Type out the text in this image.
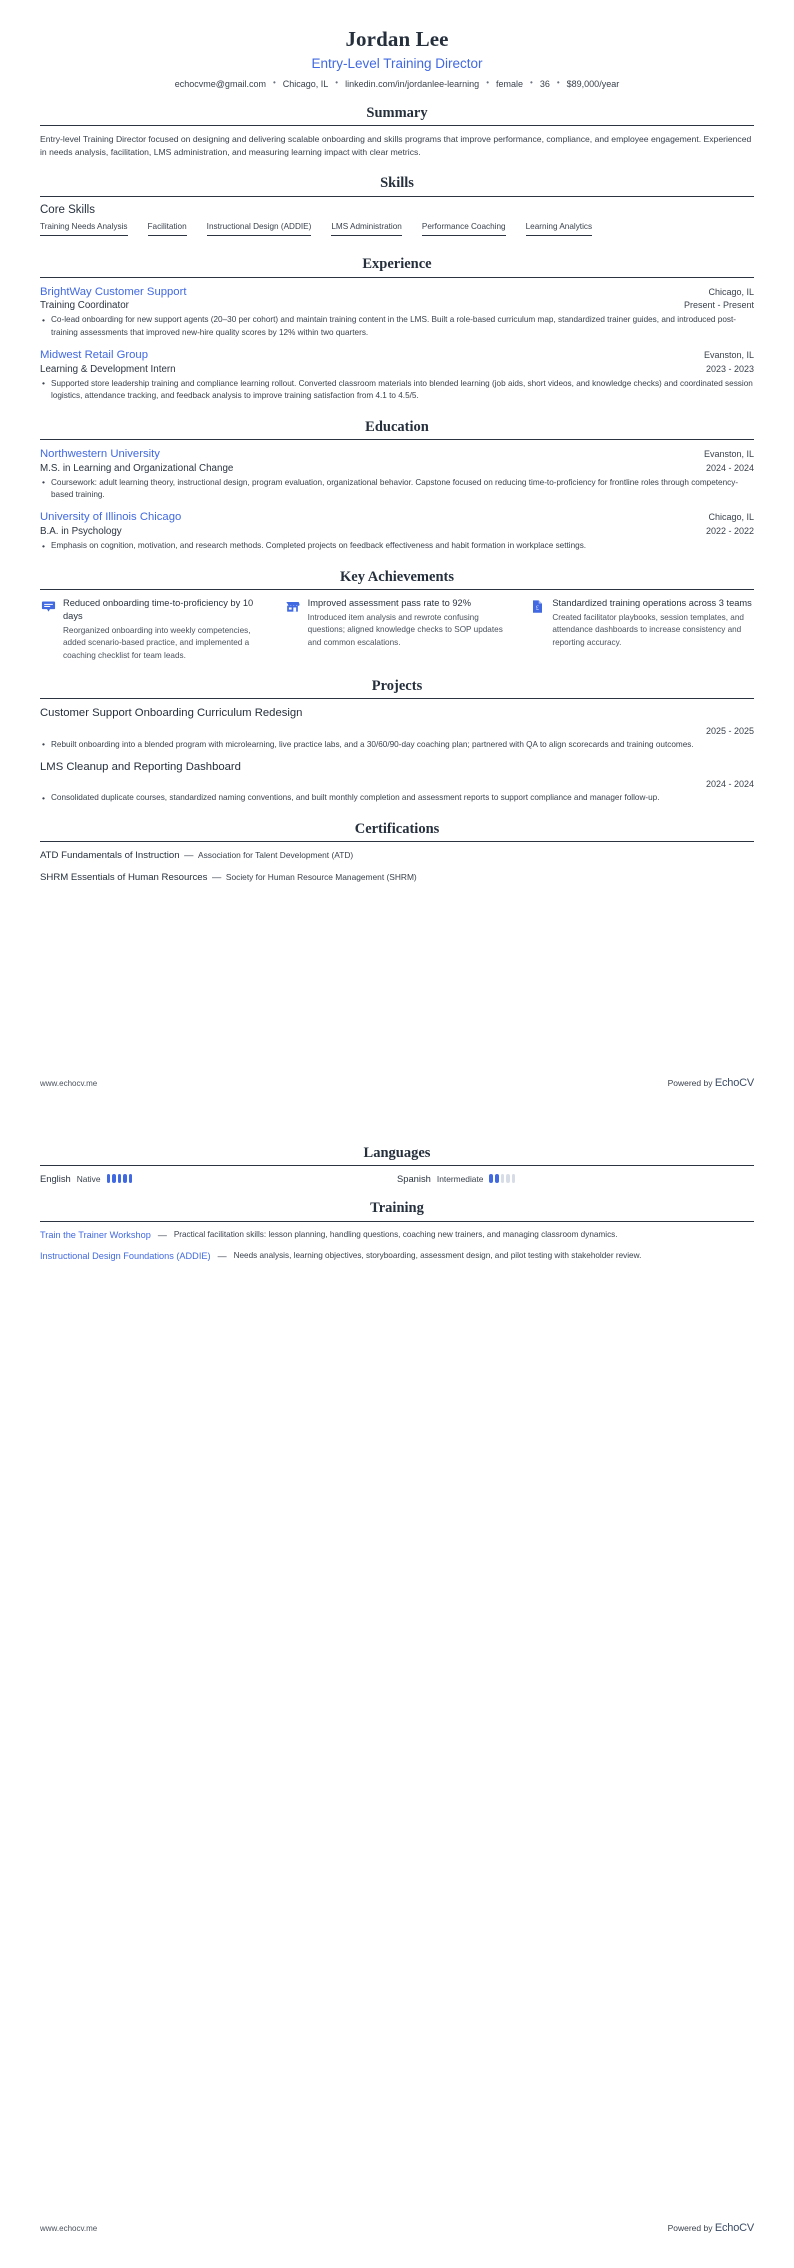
Jordan Lee
Entry-Level Training Director
echocvme@gmail.com • Chicago, IL • linkedin.com/in/jordanlee-learning • female • 36 • $89,000/year
Summary
Entry-level Training Director focused on designing and delivering scalable onboarding and skills programs that improve performance, compliance, and employee engagement. Experienced in needs analysis, facilitation, LMS administration, and measuring learning impact with clear metrics.
Skills
Core Skills
Training Needs Analysis Facilitation Instructional Design (ADDIE) LMS Administration Performance Coaching Learning Analytics
Experience
BrightWay Customer Support	Chicago, IL
Training Coordinator	Present - Present
• Co-lead onboarding for new support agents (20–30 per cohort) and maintain training content in the LMS. Built a role-based curriculum map, standardized trainer guides, and introduced post-training assessments that improved new-hire quality scores by 12% within two quarters.
Midwest Retail Group	Evanston, IL
Learning & Development Intern	2023 - 2023
• Supported store leadership training and compliance learning rollout. Converted classroom materials into blended learning (job aids, short videos, and knowledge checks) and coordinated session logistics, attendance tracking, and feedback analysis to improve training satisfaction from 4.1 to 4.5/5.
Education
Northwestern University	Evanston, IL
M.S. in Learning and Organizational Change	2024 - 2024
• Coursework: adult learning theory, instructional design, program evaluation, organizational behavior. Capstone focused on reducing time-to-proficiency for frontline roles through competency-based training.
University of Illinois Chicago	Chicago, IL
B.A. in Psychology	2022 - 2022
• Emphasis on cognition, motivation, and research methods. Completed projects on feedback effectiveness and habit formation in workplace settings.
Key Achievements
Reduced onboarding time-to-proficiency by 10 days
Reorganized onboarding into weekly competencies, added scenario-based practice, and implemented a coaching checklist for team leads.
Improved assessment pass rate to 92%
Introduced item analysis and rewrote confusing questions; aligned knowledge checks to SOP updates and common escalations.
£
Standardized training operations across 3 teams
Created facilitator playbooks, session templates, and attendance dashboards to increase consistency and reporting accuracy.
Projects
Customer Support Onboarding Curriculum Redesign
2025 - 2025
• Rebuilt onboarding into a blended program with microlearning, live practice labs, and a 30/60/90-day coaching plan; partnered with QA to align scorecards and training outcomes.
LMS Cleanup and Reporting Dashboard
2024 - 2024
• Consolidated duplicate courses, standardized naming conventions, and built monthly completion and assessment reports to support compliance and manager follow-up.
Certifications
ATD Fundamentals of Instruction — Association for Talent Development (ATD)
SHRM Essentials of Human Resources — Society for Human Resource Management (SHRM)
www.echocv.me	Powered by EchoCV
Languages
English Native	Spanish Intermediate
Training
Train the Trainer Workshop — Practical facilitation skills: lesson planning, handling questions, coaching new trainers, and managing classroom dynamics.
Instructional Design Foundations (ADDIE) — Needs analysis, learning objectives, storyboarding, assessment design, and pilot testing with stakeholder review.
www.echocv.me	Powered by EchoCV
